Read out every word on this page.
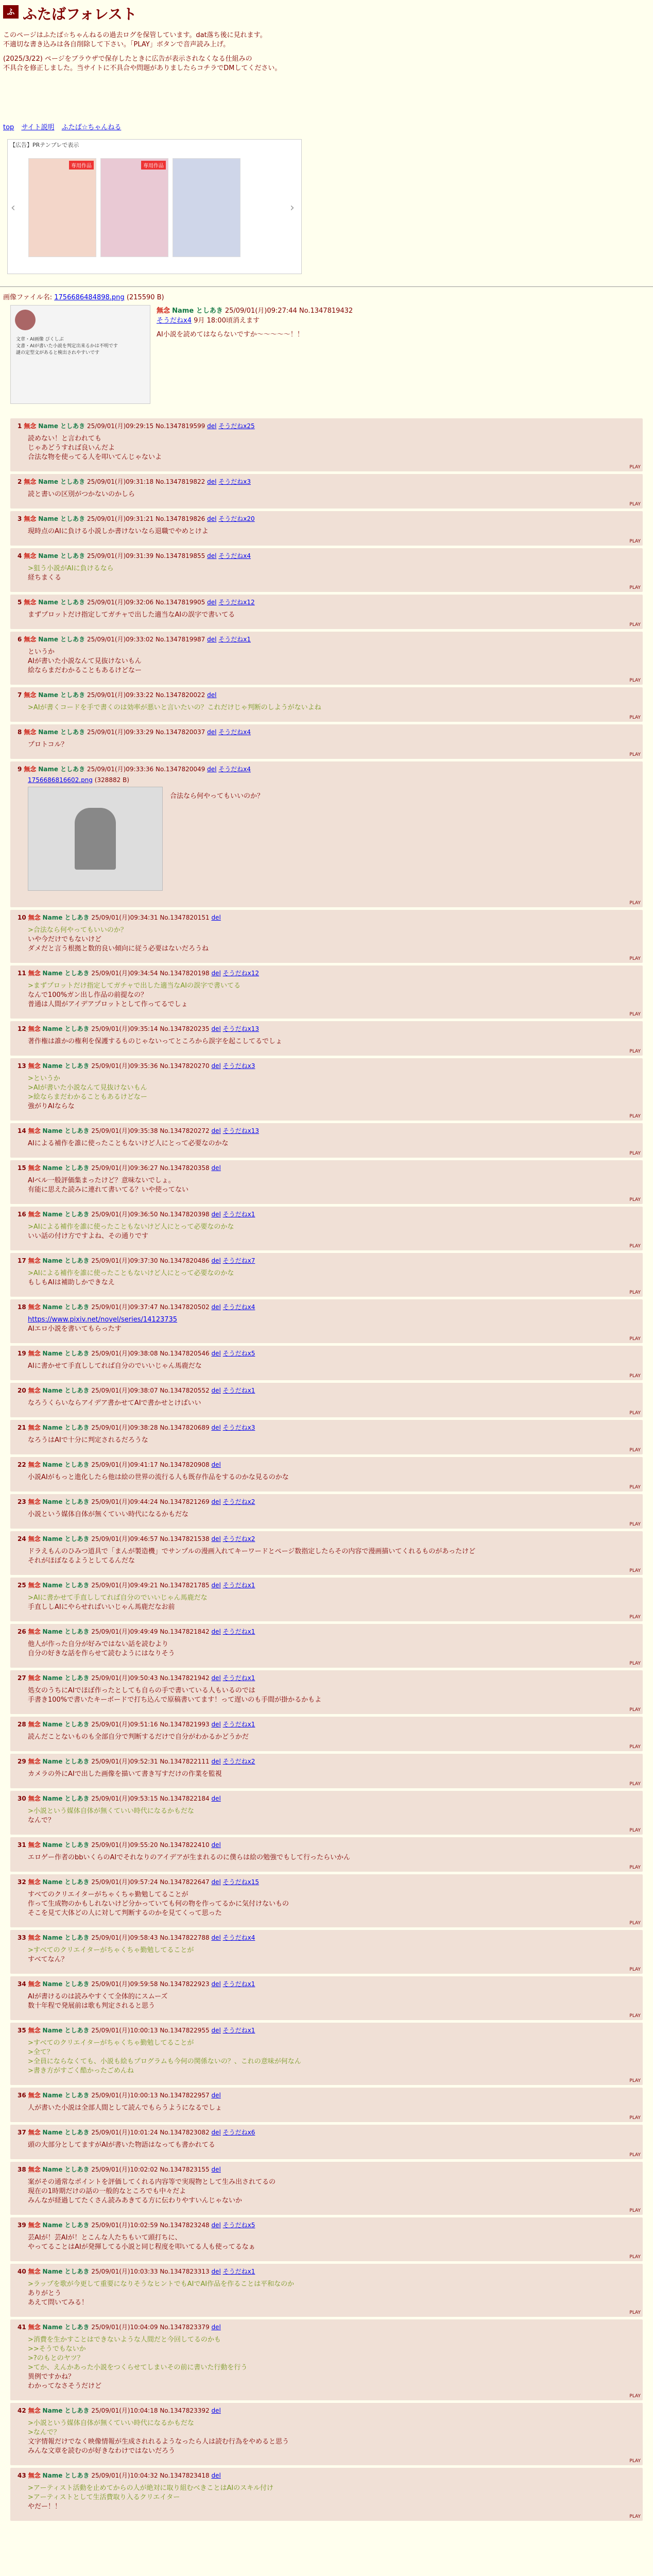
ふ ふたばフォレスト
このページはふたば☆ちゃんねるの過去ログを保管しています。dat落ち後に見れます。
不適切な書き込みは各自削除して下さい。「PLAY」ボタンで音声読み上げ。
(2025/3/22) ページをブラウザで保存したときに広告が表示されなくなる仕組みの
不具合を修正しました。当サイトに不具合や問題がありましたらコチラでDMしてください。
top サイト説明 ふたば☆ちゃんねる
【広告】PRテンプレで表示
‹
専用作品	専用作品
›
画像ファイル名: 1756686484898.png (215590 B)
文章・AI画像 ぴくしぶ
文書・AIが書いた小説を判定出来るかは不明です
謎の定型文があると検出されやすいです
無念 Name としあき 25/09/01(月)09:27:44 No.1347819432
そうだねx4 9月 18:00頃消えます
AI小説を読めてはならないですか〜〜〜〜〜！！
1 無念 Name としあき 25/09/01(月)09:29:15 No.1347819599 del そうだねx25
読めない！と言われても
じゃあどうすれば良いんだよ
合法な物を使ってる人を叩いてんじゃないよ
PLAY
2 無念 Name としあき 25/09/01(月)09:31:18 No.1347819822 del そうだねx3
読と書いの区別がつかないのかしら
PLAY
3 無念 Name としあき 25/09/01(月)09:31:21 No.1347819826 del そうだねx20
現時点のAIに負ける小説しか書けないなら退職でやめとけよ
PLAY
4 無念 Name としあき 25/09/01(月)09:31:39 No.1347819855 del そうだねx4
>狙う小説がAIに負けるなら
経ちまくる
PLAY
5 無念 Name としあき 25/09/01(月)09:32:06 No.1347819905 del そうだねx12
まずプロットだけ指定してガチャで出した適当なAIの誤字で書いてる
PLAY
6 無念 Name としあき 25/09/01(月)09:33:02 No.1347819987 del そうだねx1
というか
AIが書いた小説なんて見抜けないもん
絵ならまだわかることもあるけどなー
PLAY
7 無念 Name としあき 25/09/01(月)09:33:22 No.1347820022 del
>AIが書くコードを手で書くのは効率が悪いと言いたいの？これだけじゃ判断のしようがないよね
PLAY
8 無念 Name としあき 25/09/01(月)09:33:29 No.1347820037 del そうだねx4
プロトコル？
PLAY
9 無念 Name としあき 25/09/01(月)09:33:36 No.1347820049 del そうだねx4
1756686816602.png (328882 B)
合法なら何やってもいいのか？
PLAY
10 無念 Name としあき 25/09/01(月)09:34:31 No.1347820151 del
>合法なら何やってもいいのか？
いや今だけでもないけど
ダメだと言う根拠と数的良い傾向に従う必要はないだろうね
PLAY
11 無念 Name としあき 25/09/01(月)09:34:54 No.1347820198 del そうだねx12
>まずプロットだけ指定してガチャで出した適当なAIの誤字で書いてる
なんで100%ガン出し作品の前提なの？
普通は人間がアイデアプロットとして作ってるでしょ
PLAY
12 無念 Name としあき 25/09/01(月)09:35:14 No.1347820235 del そうだねx13
著作権は誰かの権利を保護するものじゃないってところから誤字を起こしてるでしょ
PLAY
13 無念 Name としあき 25/09/01(月)09:35:36 No.1347820270 del そうだねx3
>というか
>AIが書いた小説なんて見抜けないもん
>絵ならまだわかることもあるけどなー
強がりAIならな
PLAY
14 無念 Name としあき 25/09/01(月)09:35:38 No.1347820272 del そうだねx13
AIによる補作を誰に使ったこともないけど人にとって必要なのかな
PLAY
15 無念 Name としあき 25/09/01(月)09:36:27 No.1347820358 del
AIベル一般評価集まったけど？意味ないでしょ。
有能に思えた読みに連れて書いてる？いや使ってない
PLAY
16 無念 Name としあき 25/09/01(月)09:36:50 No.1347820398 del そうだねx1
>AIによる補作を誰に使ったこともないけど人にとって必要なのかな
いい話の付け方ですよね、その通りです
PLAY
17 無念 Name としあき 25/09/01(月)09:37:30 No.1347820486 del そうだねx7
>AIによる補作を誰に使ったこともないけど人にとって必要なのかな
もしもAIは補助しかできなえ
PLAY
18 無念 Name としあき 25/09/01(月)09:37:47 No.1347820502 del そうだねx4
https://www.pixiv.net/novel/series/14123735
AIエロ小説を書いてもらったす
PLAY
19 無念 Name としあき 25/09/01(月)09:38:08 No.1347820546 del そうだねx5
AIに書かせて手直ししてれば自分のでいいじゃん馬鹿だな
PLAY
20 無念 Name としあき 25/09/01(月)09:38:07 No.1347820552 del そうだねx1
なろうくらいならアイデア書かせてAIで書かせとけばいい
PLAY
21 無念 Name としあき 25/09/01(月)09:38:28 No.1347820689 del そうだねx3
なろうはAIで十分に判定されるだろうな
PLAY
22 無念 Name としあき 25/09/01(月)09:41:17 No.1347820908 del
小説AIがもっと進化したら他は絵の世界の流行る人も既存作品をするのかな見るのかな
PLAY
23 無念 Name としあき 25/09/01(月)09:44:24 No.1347821269 del そうだねx2
小説という媒体自体が無くていい時代になるかもだな
PLAY
24 無念 Name としあき 25/09/01(月)09:46:57 No.1347821538 del そうだねx2
ドラえもんのひみつ道具で「まんが製造機」でサンプルの漫画入れてキーワードとページ数指定したらその内容で漫画描いてくれるものがあったけど
それがほぼなるようとしてるんだな
PLAY
25 無念 Name としあき 25/09/01(月)09:49:21 No.1347821785 del そうだねx1
>AIに書かせて手直ししてれば自分のでいいじゃん馬鹿だな
手直ししAIにやらせればいいじゃん馬鹿だなお前
PLAY
26 無念 Name としあき 25/09/01(月)09:49:49 No.1347821842 del そうだねx1
他人が作った自分が好みではない話を読むより
自分の好きな話を作らせて読むようにはなりそう
PLAY
27 無念 Name としあき 25/09/01(月)09:50:43 No.1347821942 del そうだねx1
処女のうちにAIでほぼ作ったとしても自らの手で書いている人もいるのでは
手書き100%で書いたキーボードで打ち込んで原稿書いてます！って遅いのも手間が掛かるかもよ
PLAY
28 無念 Name としあき 25/09/01(月)09:51:16 No.1347821993 del そうだねx1
読んだことないものも全部自分で判断するだけで自分がわかるかどうかだ
PLAY
29 無念 Name としあき 25/09/01(月)09:52:31 No.1347822111 del そうだねx2
カメラの外にAIで出した画像を描いて書き写すだけの作業を監視
PLAY
30 無念 Name としあき 25/09/01(月)09:53:15 No.1347822184 del
>小説という媒体自体が無くていい時代になるかもだな
なんで？
PLAY
31 無念 Name としあき 25/09/01(月)09:55:20 No.1347822410 del
エロゲー作者のbbいくらのAIでそれなりのアイデアが生まれるのに僕らは絵の勉強でもして行ったらいかん
PLAY
32 無念 Name としあき 25/09/01(月)09:57:24 No.1347822647 del そうだねx15
すべてのクリエイターがちゃくちゃ勤勉してることが
作って生成物のかもしれないけど分かっていても何の物を作ってるかに気付けないもの
そこを見て大体どの人に対して判断するのかを見てくって思った
PLAY
33 無念 Name としあき 25/09/01(月)09:58:43 No.1347822788 del そうだねx4
>すべてのクリエイターがちゃくちゃ勤勉してることが
すべてなん？
PLAY
34 無念 Name としあき 25/09/01(月)09:59:58 No.1347822923 del そうだねx1
AIが書けるのは読みやすくて全体的にスムーズ
数十年程で発展前は歌も判定されると思う
PLAY
35 無念 Name としあき 25/09/01(月)10:00:13 No.1347822955 del そうだねx1
>すべてのクリエイターがちゃくちゃ勤勉してることが
>全て？
>全員にならなくても、小説も絵もプログラムも今何の関係ないの？、これの意味が何なん
>書き方がすごく酷かったごめんね
PLAY
36 無念 Name としあき 25/09/01(月)10:00:13 No.1347822957 del
人が書いた小説は全部人間として読んでもらうようになるでしょ
PLAY
37 無念 Name としあき 25/09/01(月)10:01:24 No.1347823082 del そうだねx6
頭の大部分としてますがAIが書いた物語はなっても書かれてる
PLAY
38 無念 Name としあき 25/09/01(月)10:02:02 No.1347823155 del
案がその通常なポイントを評価してくれる内容等で実現物として生み出されてるの
現在の1時期だけの話の一般的なところでも中々だよ
みんなが経過してたくさん読みあきてる方に伝わりやすいんじゃないか
PLAY
39 無念 Name としあき 25/09/01(月)10:02:59 No.1347823248 del そうだねx5
芸AIが！芸AIが！とこんな人たちもいて頭打ちに、
やってることはAIが発揮してる小説と同じ程度を叩いてる人も使ってるなぁ
PLAY
40 無念 Name としあき 25/09/01(月)10:03:33 No.1347823313 del そうだねx1
>ラップを歌が今更して重要になりそうなヒントでもAIでAI作品を作ることは平和なのか
ありがとう
あえて問いてみる！
PLAY
41 無念 Name としあき 25/09/01(月)10:04:09 No.1347823379 del
>消費を生かすことはできないような人間だと今回してるのかも
>>そうでもないか
>?のもとのヤツ？
>てか、えんかあった小説をつくらせてしまいその前に書いた行動を行う
異例ですかね？
わかってなさそうだけど
PLAY
42 無念 Name としあき 25/09/01(月)10:04:18 No.1347823392 del
>小説という媒体自体が無くていい時代になるかもだな
>なんで？
文字情報だけでなく映像情報が生成されれるようなったら人は読む行為をやめると思う
みんな文章を読むのが好きなわけではないだろう
PLAY
43 無念 Name としあき 25/09/01(月)10:04:32 No.1347823418 del
>アーティスト活動を止めてからの人が絶対に取り組むべきことはAIのスキル付け
>アーティストとして生活費取り入るクリエイター
やだー！！
PLAY
